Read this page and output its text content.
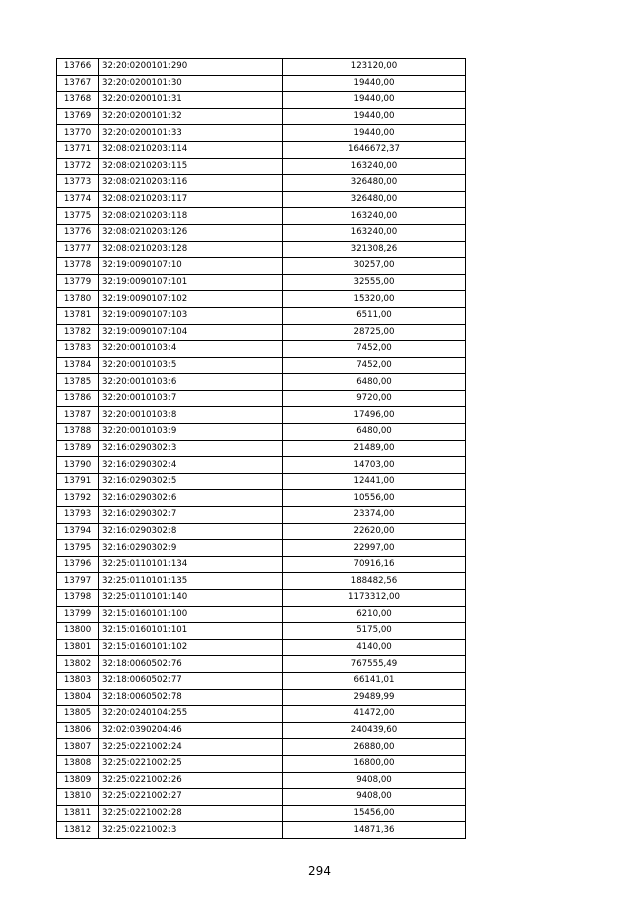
13766	32:20:0200101:290	123120,00
13767	32:20:0200101:30	19440,00
13768	32:20:0200101:31	19440,00
13769	32:20:0200101:32	19440,00
13770	32:20:0200101:33	19440,00
13771	32:08:0210203:114	1646672,37
13772	32:08:0210203:115	163240,00
13773	32:08:0210203:116	326480,00
13774	32:08:0210203:117	326480,00
13775	32:08:0210203:118	163240,00
13776	32:08:0210203:126	163240,00
13777	32:08:0210203:128	321308,26
13778	32:19:0090107:10	30257,00
13779	32:19:0090107:101	32555,00
13780	32:19:0090107:102	15320,00
13781	32:19:0090107:103	6511,00
13782	32:19:0090107:104	28725,00
13783	32:20:0010103:4	7452,00
13784	32:20:0010103:5	7452,00
13785	32:20:0010103:6	6480,00
13786	32:20:0010103:7	9720,00
13787	32:20:0010103:8	17496,00
13788	32:20:0010103:9	6480,00
13789	32:16:0290302:3	21489,00
13790	32:16:0290302:4	14703,00
13791	32:16:0290302:5	12441,00
13792	32:16:0290302:6	10556,00
13793	32:16:0290302:7	23374,00
13794	32:16:0290302:8	22620,00
13795	32:16:0290302:9	22997,00
13796	32:25:0110101:134	70916,16
13797	32:25:0110101:135	188482,56
13798	32:25:0110101:140	1173312,00
13799	32:15:0160101:100	6210,00
13800	32:15:0160101:101	5175,00
13801	32:15:0160101:102	4140,00
13802	32:18:0060502:76	767555,49
13803	32:18:0060502:77	66141,01
13804	32:18:0060502:78	29489,99
13805	32:20:0240104:255	41472,00
13806	32:02:0390204:46	240439,60
13807	32:25:0221002:24	26880,00
13808	32:25:0221002:25	16800,00
13809	32:25:0221002:26	9408,00
13810	32:25:0221002:27	9408,00
13811	32:25:0221002:28	15456,00
13812	32:25:0221002:3	14871,36
294
